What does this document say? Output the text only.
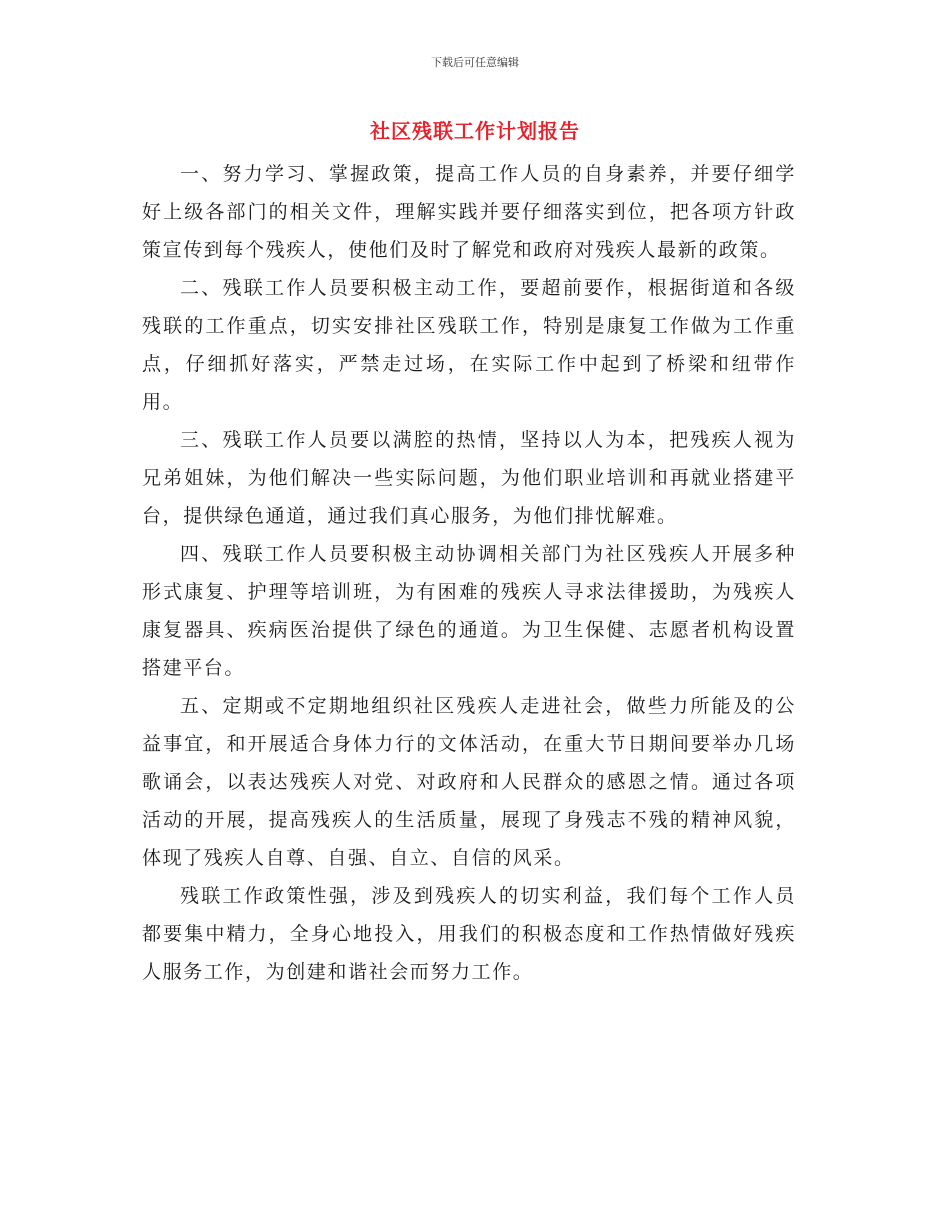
下载后可任意编辑
社区残联工作计划报告

一、努力学习、掌握政策，提高工作人员的自身素养，并要仔细学好上级各部门的相关文件，理解实践并要仔细落实到位，把各项方针政策宣传到每个残疾人，使他们及时了解党和政府对残疾人最新的政策。

二、残联工作人员要积极主动工作，要超前要作，根据街道和各级残联的工作重点，切实安排社区残联工作，特别是康复工作做为工作重点，仔细抓好落实，严禁走过场，在实际工作中起到了桥梁和纽带作用。

三、残联工作人员要以满腔的热情，坚持以人为本，把残疾人视为兄弟姐妹，为他们解决一些实际问题，为他们职业培训和再就业搭建平台，提供绿色通道，通过我们真心服务，为他们排忧解难。

四、残联工作人员要积极主动协调相关部门为社区残疾人开展多种形式康复、护理等培训班，为有困难的残疾人寻求法律援助，为残疾人康复器具、疾病医治提供了绿色的通道。为卫生保健、志愿者机构设置搭建平台。

五、定期或不定期地组织社区残疾人走进社会，做些力所能及的公益事宜，和开展适合身体力行的文体活动，在重大节日期间要举办几场歌诵会，以表达残疾人对党、对政府和人民群众的感恩之情。通过各项活动的开展，提高残疾人的生活质量，展现了身残志不残的精神风貌，体现了残疾人自尊、自强、自立、自信的风采。

残联工作政策性强，涉及到残疾人的切实利益，我们每个工作人员都要集中精力，全身心地投入，用我们的积极态度和工作热情做好残疾人服务工作，为创建和谐社会而努力工作。
